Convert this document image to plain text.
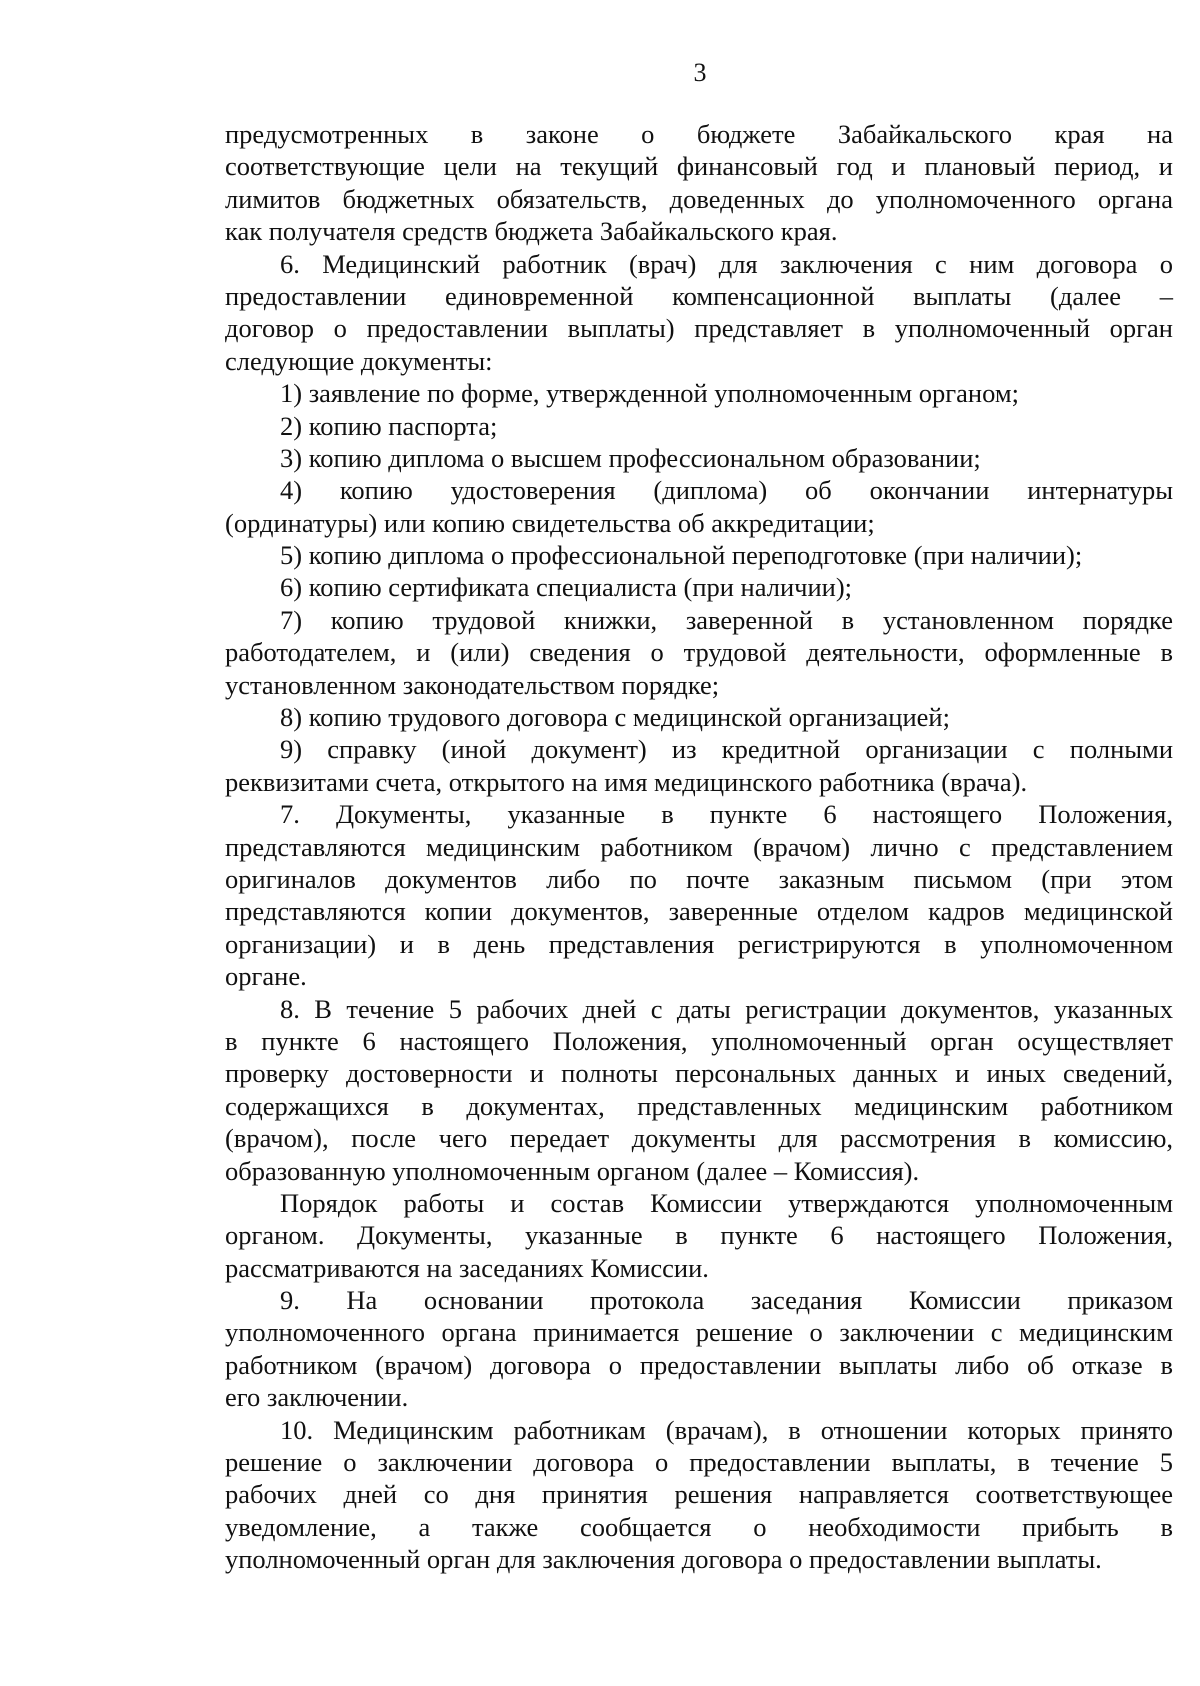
3
предусмотренных в законе о бюджете Забайкальского края на
соответствующие цели на текущий финансовый год и плановый период, и
лимитов бюджетных обязательств, доведенных до уполномоченного органа
как получателя средств бюджета Забайкальского края.
6. Медицинский работник (врач) для заключения с ним договора о
предоставлении единовременной компенсационной выплаты (далее –
договор о предоставлении выплаты) представляет в уполномоченный орган
следующие документы:
1) заявление по форме, утвержденной уполномоченным органом;
2) копию паспорта;
3) копию диплома о высшем профессиональном образовании;
4) копию удостоверения (диплома) об окончании интернатуры
(ординатуры) или копию свидетельства об аккредитации;
5) копию диплома о профессиональной переподготовке (при наличии);
6) копию сертификата специалиста (при наличии);
7) копию трудовой книжки, заверенной в установленном порядке
работодателем, и (или) сведения о трудовой деятельности, оформленные в
установленном законодательством порядке;
8) копию трудового договора с медицинской организацией;
9) справку (иной документ) из кредитной организации с полными
реквизитами счета, открытого на имя медицинского работника (врача).
7. Документы, указанные в пункте 6 настоящего Положения,
представляются медицинским работником (врачом) лично с представлением
оригиналов документов либо по почте заказным письмом (при этом
представляются копии документов, заверенные отделом кадров медицинской
организации) и в день представления регистрируются в уполномоченном
органе.
8. В течение 5 рабочих дней с даты регистрации документов, указанных
в пункте 6 настоящего Положения, уполномоченный орган осуществляет
проверку достоверности и полноты персональных данных и иных сведений,
содержащихся в документах, представленных медицинским работником
(врачом), после чего передает документы для рассмотрения в комиссию,
образованную уполномоченным органом (далее – Комиссия).
Порядок работы и состав Комиссии утверждаются уполномоченным
органом. Документы, указанные в пункте 6 настоящего Положения,
рассматриваются на заседаниях Комиссии.
9. На основании протокола заседания Комиссии приказом
уполномоченного органа принимается решение о заключении с медицинским
работником (врачом) договора о предоставлении выплаты либо об отказе в
его заключении.
10. Медицинским работникам (врачам), в отношении которых принято
решение о заключении договора о предоставлении выплаты, в течение 5
рабочих дней со дня принятия решения направляется соответствующее
уведомление, а также сообщается о необходимости прибыть в
уполномоченный орган для заключения договора о предоставлении выплаты.
